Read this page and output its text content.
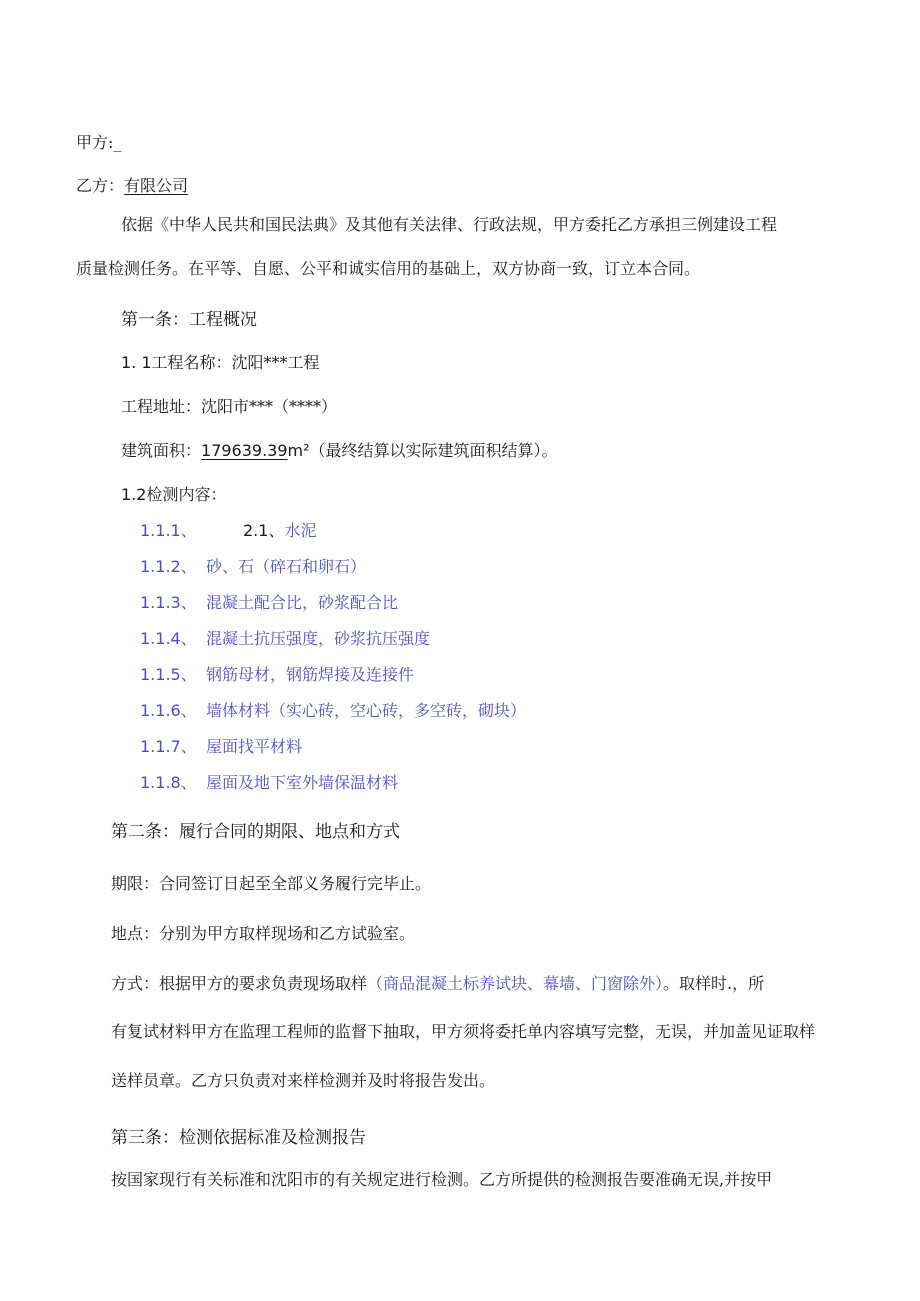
甲方:_
乙方：有限公司
依据《中华人民共和国民法典》及其他有关法律、行政法规，甲方委托乙方承担三例建设工程
质量检测任务。在平等、自愿、公平和诚实信用的基础上，双方协商一致，订立本合同。
第一条：工程概况
1. 1工程名称：沈阳***工程
工程地址：沈阳市***（****）
建筑面积：179639.39m²（最终结算以实际建筑面积结算）。
1.2检测内容：
1.1.1、	2.1、水泥
1.1.2、 砂、石（碎石和卵石）
1.1.3、 混凝土配合比，砂浆配合比
1.1.4、 混凝土抗压强度，砂浆抗压强度
1.1.5、 钢筋母材，钢筋焊接及连接件
1.1.6、 墙体材料（实心砖，空心砖，多空砖，砌块）
1.1.7、 屋面找平材料
1.1.8、 屋面及地下室外墙保温材料
第二条：履行合同的期限、地点和方式
期限：合同签订日起至全部义务履行完毕止。
地点：分别为甲方取样现场和乙方试验室。
方式：根据甲方的要求负责现场取样（商品混凝土标养试块、幕墙、门窗除外）。取样时.，所
有复试材料甲方在监理工程师的监督下抽取，甲方须将委托单内容填写完整，无误，并加盖见证取样
送样员章。乙方只负责对来样检测并及时将报告发出。
第三条：检测依据标准及检测报告
按国家现行有关标准和沈阳市的有关规定进行检测。乙方所提供的检测报告要准确无误,并按甲
